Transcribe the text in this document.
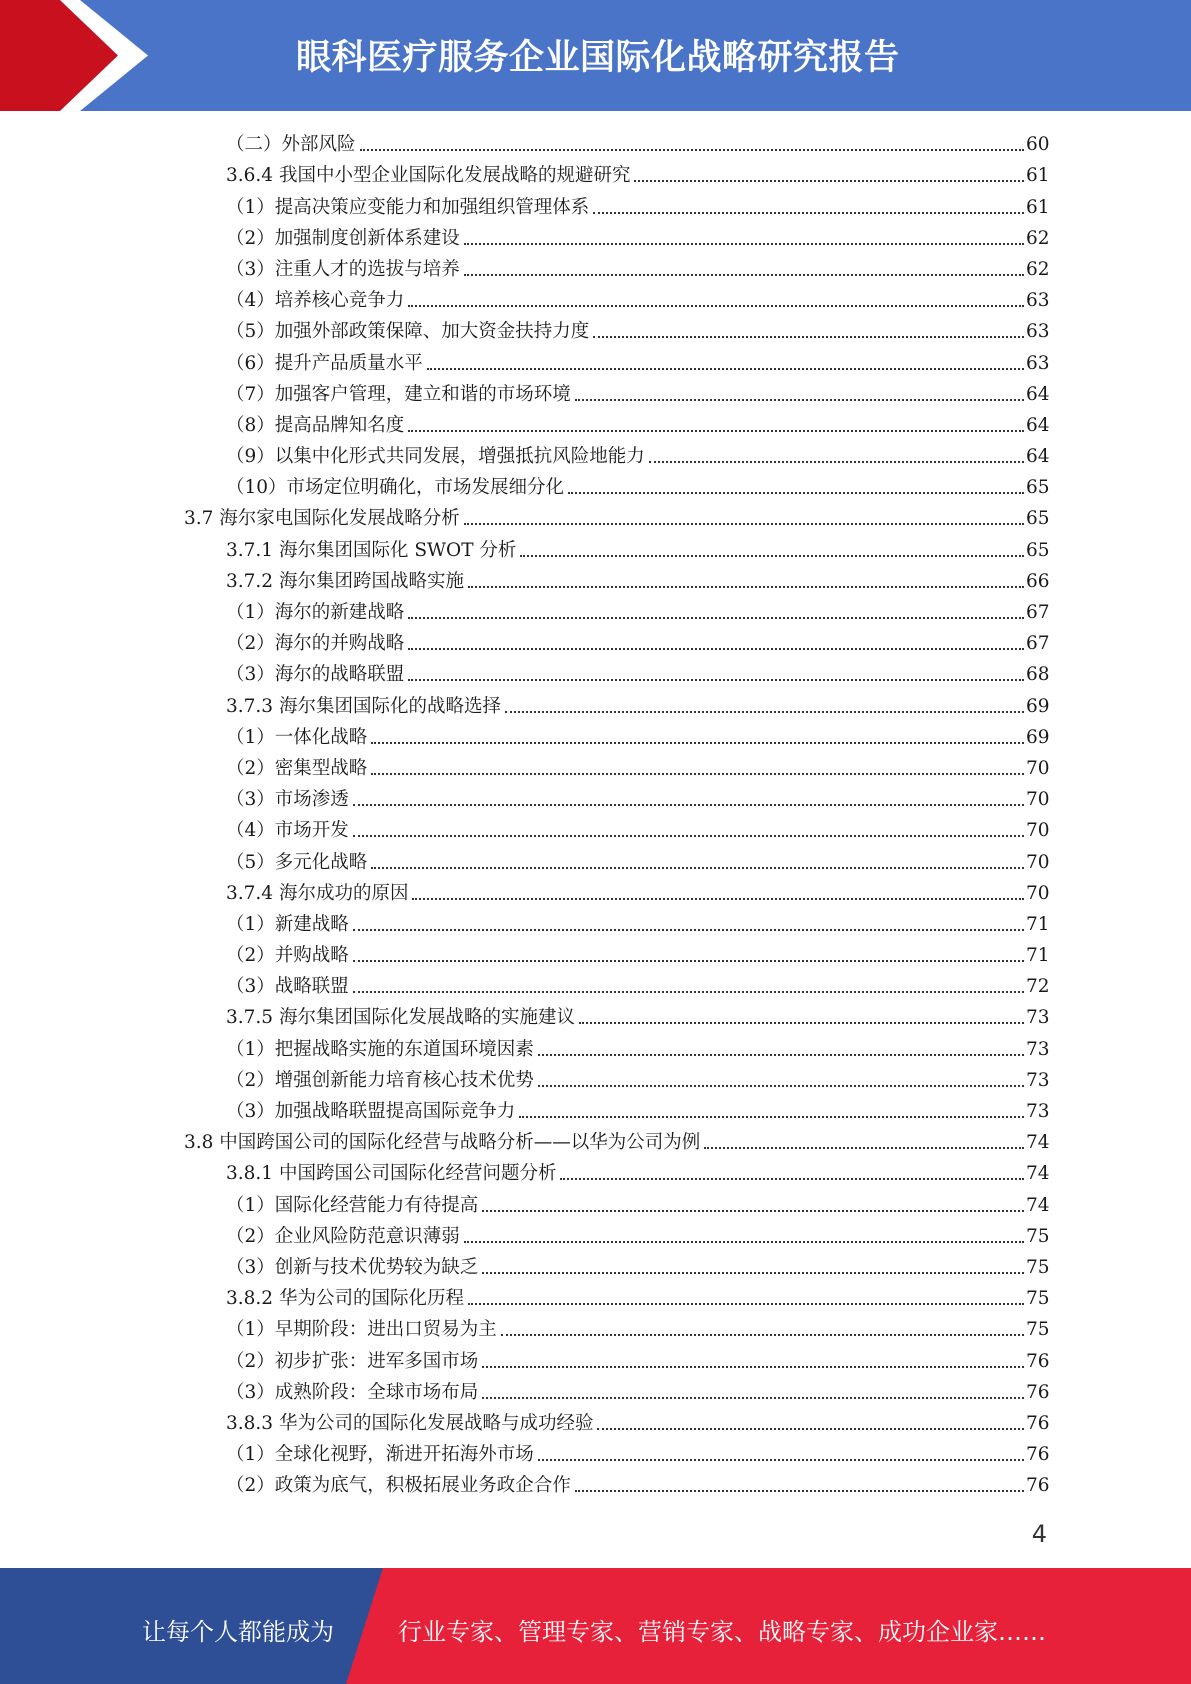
眼科医疗服务企业国际化战略研究报告
（二）外部风险	60
3.6.4 我国中小型企业国际化发展战略的规避研究	61
（1）提高决策应变能力和加强组织管理体系	61
（2）加强制度创新体系建设	62
（3）注重人才的选拔与培养	62
（4）培养核心竞争力	63
（5）加强外部政策保障、加大资金扶持力度	63
（6）提升产品质量水平	63
（7）加强客户管理，建立和谐的市场环境	64
（8）提高品牌知名度	64
（9）以集中化形式共同发展，增强抵抗风险地能力	64
（10）市场定位明确化，市场发展细分化	65
3.7 海尔家电国际化发展战略分析	65
3.7.1 海尔集团国际化 SWOT 分析	65
3.7.2 海尔集团跨国战略实施	66
（1）海尔的新建战略	67
（2）海尔的并购战略	67
（3）海尔的战略联盟	68
3.7.3 海尔集团国际化的战略选择	69
（1）一体化战略	69
（2）密集型战略	70
（3）市场渗透	70
（4）市场开发	70
（5）多元化战略	70
3.7.4 海尔成功的原因	70
（1）新建战略	71
（2）并购战略	71
（3）战略联盟	72
3.7.5 海尔集团国际化发展战略的实施建议	73
（1）把握战略实施的东道国环境因素	73
（2）增强创新能力培育核心技术优势	73
（3）加强战略联盟提高国际竞争力	73
3.8 中国跨国公司的国际化经营与战略分析——以华为公司为例	74
3.8.1 中国跨国公司国际化经营问题分析	74
（1）国际化经营能力有待提高	74
（2）企业风险防范意识薄弱	75
（3）创新与技术优势较为缺乏	75
3.8.2 华为公司的国际化历程	75
（1）早期阶段：进出口贸易为主	75
（2）初步扩张：进军多国市场	76
（3）成熟阶段：全球市场布局	76
3.8.3 华为公司的国际化发展战略与成功经验	76
（1）全球化视野，渐进开拓海外市场	76
（2）政策为底气，积极拓展业务政企合作	76
4
让每个人都能成为	行业专家、管理专家、营销专家、战略专家、成功企业家……
